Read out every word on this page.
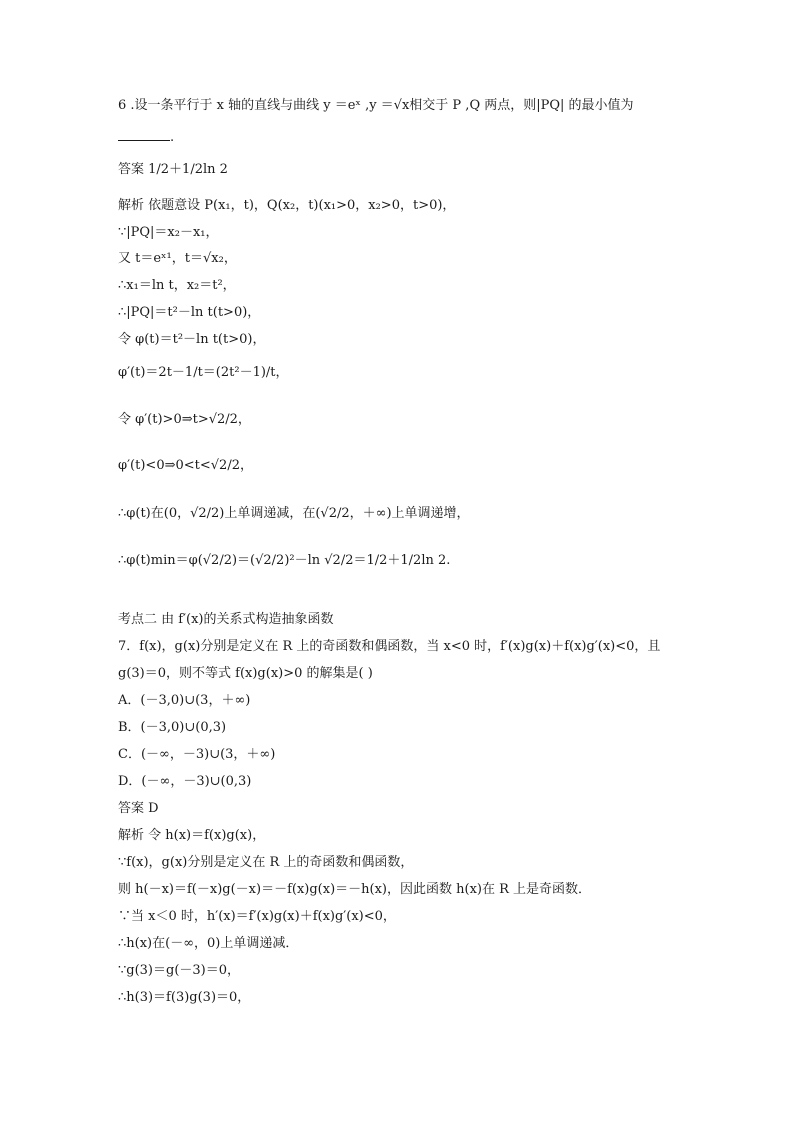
6 .设一条平行于 x 轴的直线与曲线 y ＝eˣ ,y ＝√x相交于 P ,Q 两点，则|PQ| 的最小值为
.
答案 1/2＋1/2ln 2
解析 依题意设 P(x₁，t)，Q(x₂，t)(x₁>0，x₂>0，t>0)，
∵|PQ|＝x₂－x₁，
又 t＝eˣ¹，t＝√x₂，
∴x₁＝ln t，x₂＝t²，
∴|PQ|＝t²－ln t(t>0)，
令 φ(t)＝t²－ln t(t>0)，
φ′(t)＝2t－1/t＝(2t²－1)/t，
令 φ′(t)>0⇒t>√2/2，
φ′(t)<0⇒0<t<√2/2，
∴φ(t)在(0，√2/2)上单调递减，在(√2/2，＋∞)上单调递增，
∴φ(t)min＝φ(√2/2)＝(√2/2)²－ln √2/2＝1/2＋1/2ln 2.
考点二 由 f′(x)的关系式构造抽象函数
7．f(x)，g(x)分别是定义在 R 上的奇函数和偶函数，当 x<0 时，f′(x)g(x)＋f(x)g′(x)<0，且
g(3)＝0，则不等式 f(x)g(x)>0 的解集是( )
A．(－3,0)∪(3，＋∞)
B．(－3,0)∪(0,3)
C．(－∞，－3)∪(3，＋∞)
D．(－∞，－3)∪(0,3)
答案 D
解析 令 h(x)＝f(x)g(x)，
∵f(x)，g(x)分别是定义在 R 上的奇函数和偶函数，
则 h(－x)＝f(－x)g(－x)＝－f(x)g(x)＝－h(x)，因此函数 h(x)在 R 上是奇函数．
∵当 x＜0 时，h′(x)＝f′(x)g(x)＋f(x)g′(x)<0，
∴h(x)在(－∞，0)上单调递减．
∵g(3)＝g(－3)＝0，
∴h(3)＝f(3)g(3)＝0，
